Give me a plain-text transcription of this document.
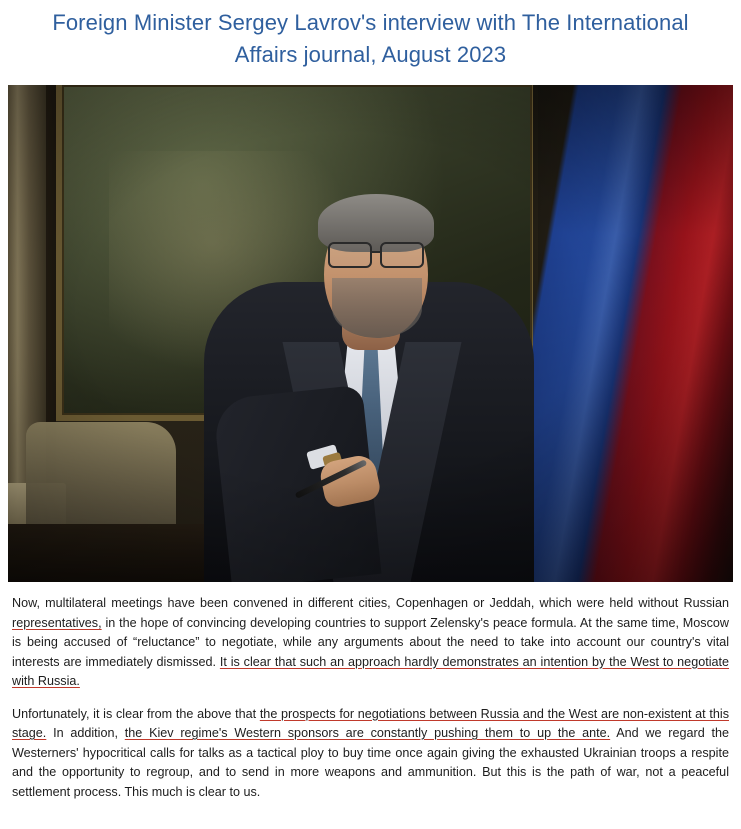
Foreign Minister Sergey Lavrov's interview with The International Affairs journal, August 2023

Now, multilateral meetings have been convened in different cities, Copenhagen or Jeddah, which were held without Russian representatives, in the hope of convincing developing countries to support Zelensky's peace formula. At the same time, Moscow is being accused of “reluctance” to negotiate, while any arguments about the need to take into account our country's vital interests are immediately dismissed. It is clear that such an approach hardly demonstrates an intention by the West to negotiate with Russia.

Unfortunately, it is clear from the above that the prospects for negotiations between Russia and the West are non-existent at this stage. In addition, the Kiev regime's Western sponsors are constantly pushing them to up the ante. And we regard the Westerners' hypocritical calls for talks as a tactical ploy to buy time once again giving the exhausted Ukrainian troops a respite and the opportunity to regroup, and to send in more weapons and ammunition. But this is the path of war, not a peaceful settlement process. This much is clear to us.
